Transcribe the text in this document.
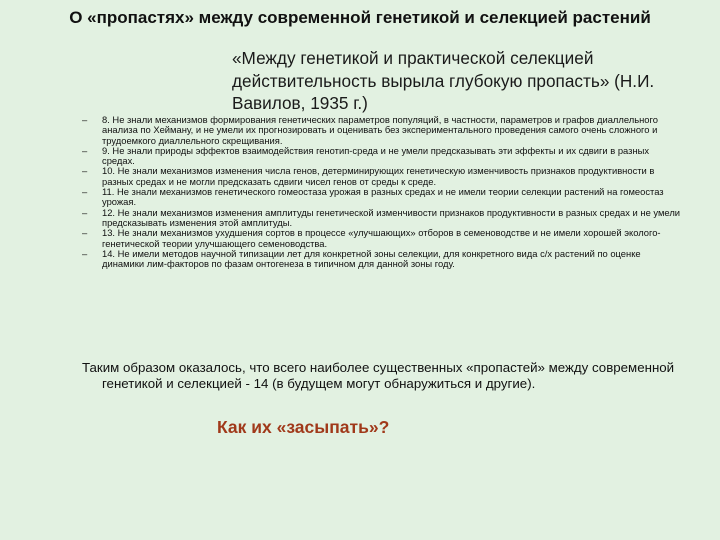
О «пропастях» между современной генетикой и селекцией растений
«Между генетикой и практической селекцией действительность вырыла глубокую пропасть» (Н.И. Вавилов, 1935 г.)
–	8. Не знали механизмов формирования генетических параметров популяций, в частности, параметров и графов диаллельного анализа по Хейману, и не умели их прогнозировать и оценивать без экспериментального проведения самого очень сложного и трудоемкого диаллельного скрещивания.
–	9. Не знали природы эффектов взаимодействия генотип-среда и не умели предсказывать эти эффекты и их сдвиги в разных средах.
–	10. Не знали механизмов изменения числа генов, детерминирующих генетическую изменчивость признаков продуктивности в разных средах и не могли предсказать сдвиги чисел генов от среды к среде.
–	11. Не знали механизмов генетического гомеостаза урожая в разных средах и не имели теории селекции растений на гомеостаз урожая.
–	12. Не знали механизмов изменения амплитуды генетической изменчивости признаков продуктивности в разных средах и не умели предсказывать изменения этой амплитуды.
–	13. Не знали механизмов ухудшения сортов в процессе «улучшающих» отборов в семеноводстве и не имели хорошей эколого-генетической теории улучшающего семеноводства.
–	14. Не имели методов научной типизации лет для конкретной зоны селекции, для конкретного вида с/х растений по оценке динамики лим-факторов по фазам онтогенеза в типичном для данной зоны году.
Таким образом оказалось, что всего наиболее существенных «пропастей» между современной генетикой и селекцией - 14 (в будущем могут обнаружиться и другие).
Как их «засыпать»?
